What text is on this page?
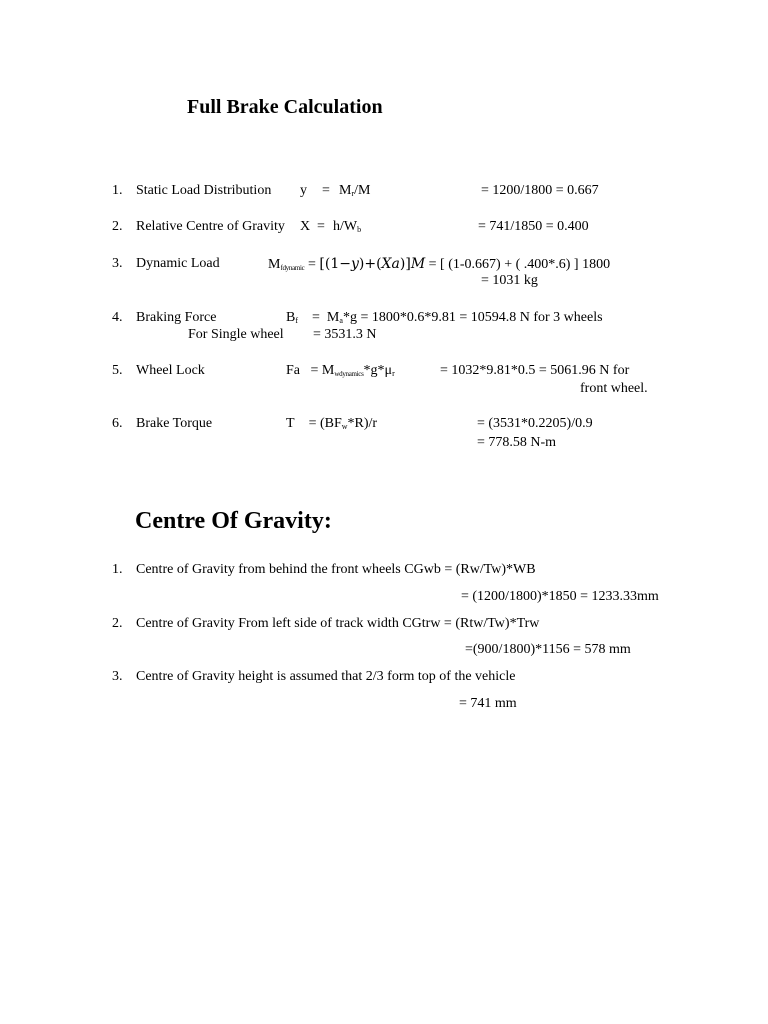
Full Brake Calculation
1. Static Load Distribution $y = M_r/M$	= 1200/1800 = 0.667
2. Relative Centre of Gravity $X = h/W_b$	= 741/1850 = 0.400
3. Dynamic Load	Mfdynamic = [(1−y)+(Xa)]M = [ (1-0.667) + ( .400*.6) ] 1800
= 1031 kg
4. Braking Force	$B_f = M_a*g = 1800*0.6*9.81 = 10594.8$ N for 3 wheels
For Single wheel = 3531.3 N
5. Wheel Lock	$Fa = Mwdynamics*g*\mu_r$	= 1032*9.81*0.5 = 5061.96 N for
front wheel.
6. Brake Torque	$T = (BF_w*R)/r$	= (3531*0.2205)/0.9
= 778.58 N-m
Centre Of Gravity:
1. Centre of Gravity from behind the front wheels CGwb = (Rw/Tw)*WB
= (1200/1800)*1850 = 1233.33mm
2. Centre of Gravity From left side of track width CGtrw = (Rtw/Tw)*Trw
=(900/1800)*1156 = 578 mm
3. Centre of Gravity height is assumed that 2/3 form top of the vehicle
= 741 mm
